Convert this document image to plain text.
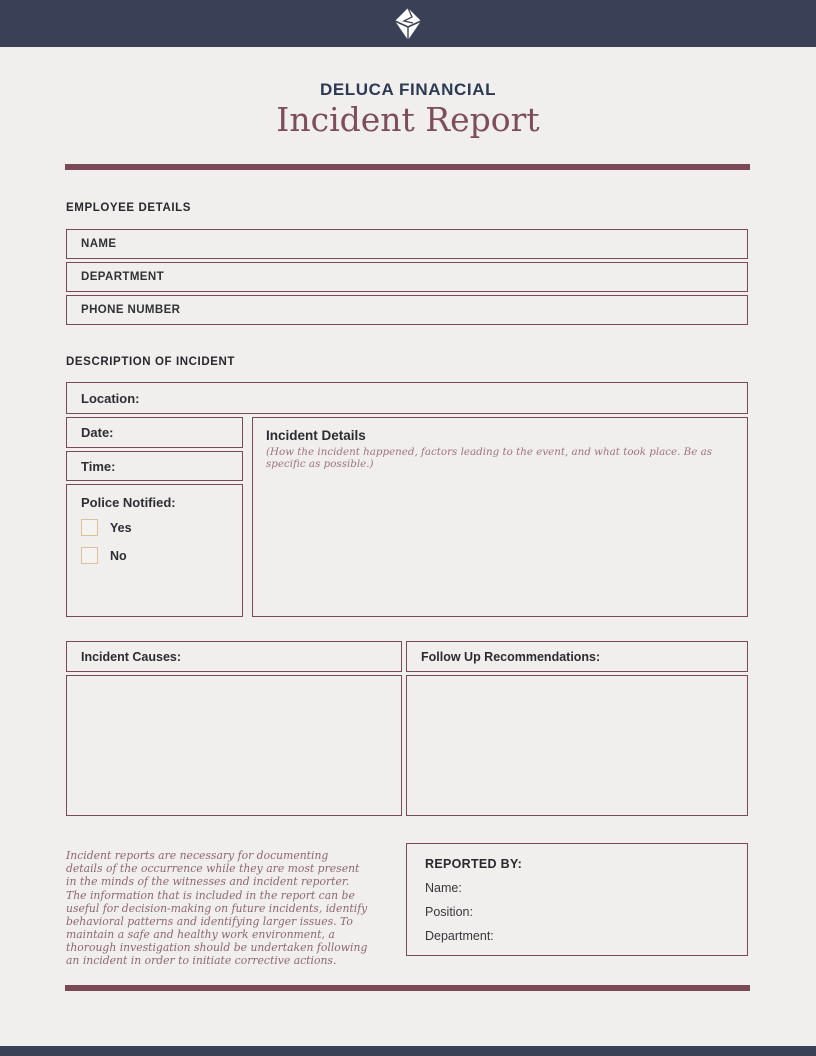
DELUCA FINANCIAL
Incident Report
EMPLOYEE DETAILS
NAME
DEPARTMENT
PHONE NUMBER
DESCRIPTION OF INCIDENT
Location:
Date:
Time:
Police Notified:
Yes
No
Incident Details
(How the incident happened, factors leading to the event, and what took place. Be as specific as possible.)
Incident Causes:	Follow Up Recommendations:
Incident reports are necessary for documenting details of the occurrence while they are most present in the minds of the witnesses and incident reporter. The information that is included in the report can be useful for decision-making on future incidents, identify behavioral patterns and identifying larger issues. To maintain a safe and healthy work environment, a thorough investigation should be undertaken following an incident in order to initiate corrective actions.
REPORTED BY:
Name:
Position:
Department:
